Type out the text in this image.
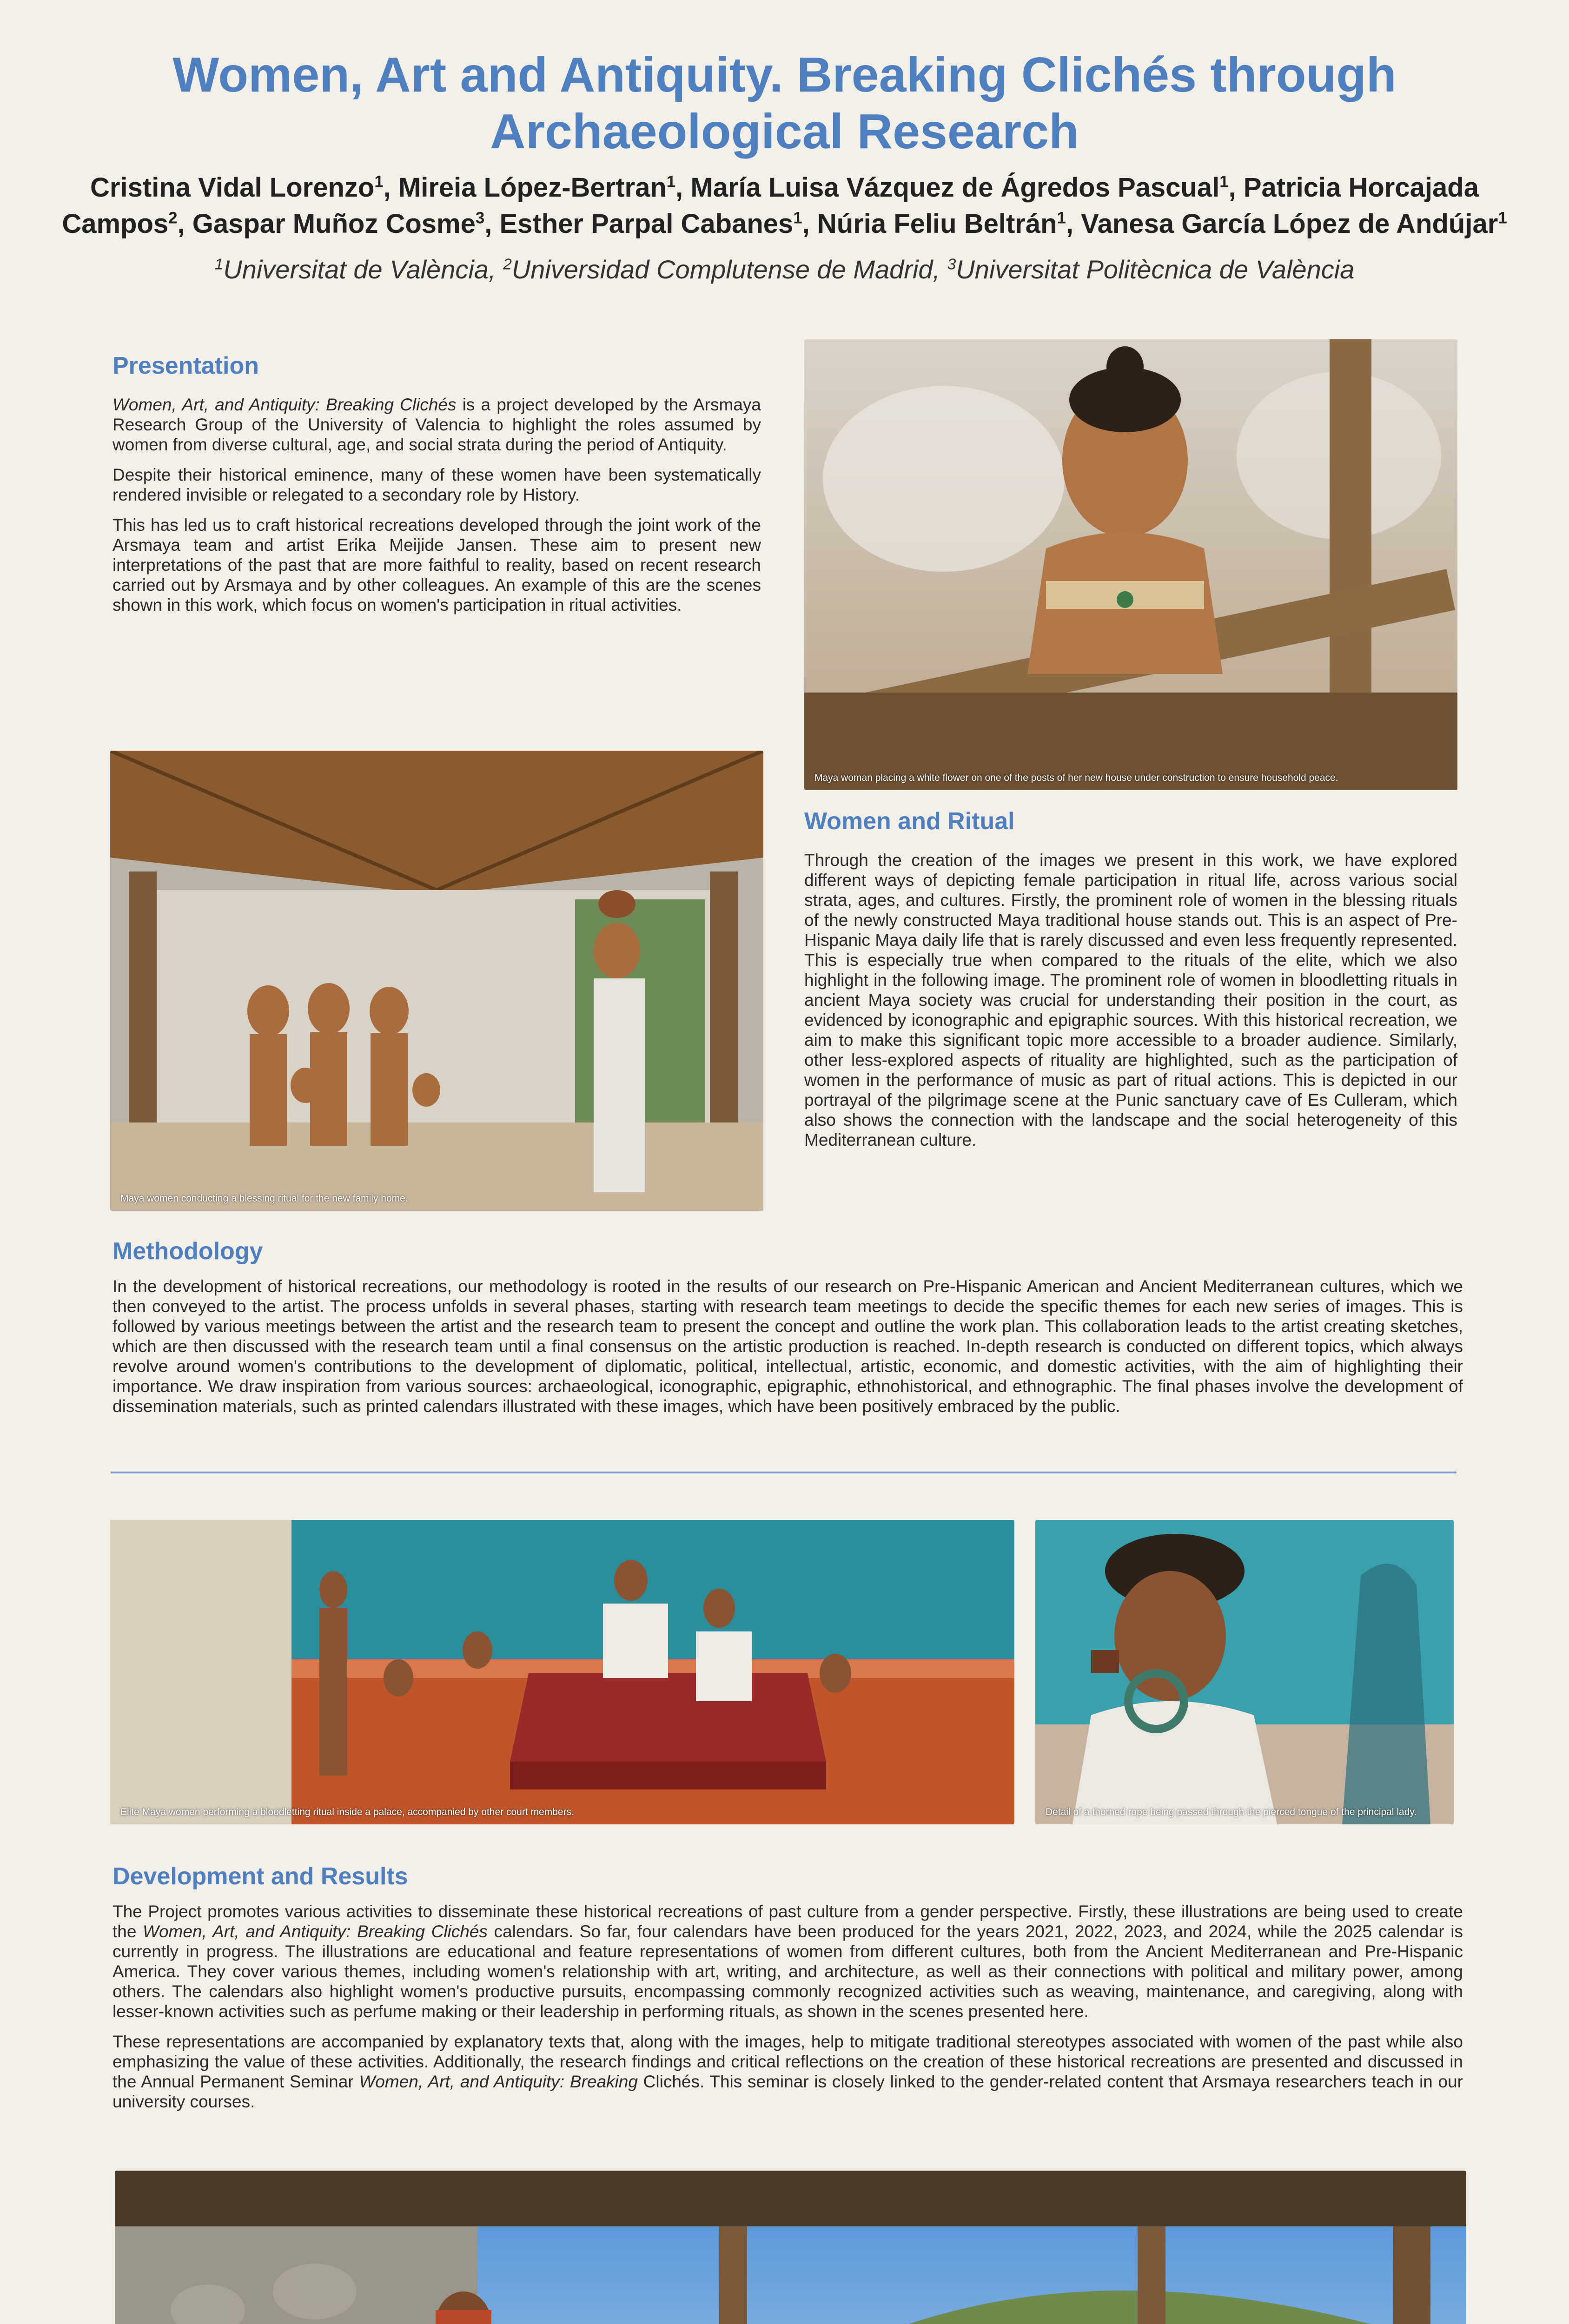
Women, Art and Antiquity. Breaking Clichés through Archaeological Research
Cristina Vidal Lorenzo$^1$, Mireia López-Bertran$^1$, María Luisa Vázquez de Ágredos Pascual$^1$, Patricia Horcajada Campos$^2$, Gaspar Muñoz Cosme$^3$, Esther Parpal Cabanes$^1$, Núria Feliu Beltrán$^1$, Vanesa García López de Andújar$^1$
$^1$Universitat de València, $^2$Universidad Complutense de Madrid, $^3$Universitat Politècnica de València
Presentation

Women, Art, and Antiquity: Breaking Clichés is a project developed by the Arsmaya Research Group of the University of Valencia to highlight the roles assumed by women from diverse cultural, age, and social strata during the period of Antiquity.

Despite their historical eminence, many of these women have been systematically rendered invisible or relegated to a secondary role by History.

This has led us to craft historical recreations developed through the joint work of the Arsmaya team and artist Erika Meijide Jansen. These aim to present new interpretations of the past that are more faithful to reality, based on recent research carried out by Arsmaya and by other colleagues. An example of this are the scenes shown in this work, which focus on women's participation in ritual activities.

Maya woman placing a white flower on one of the posts of her new house under construction to ensure household peace.
Maya women conducting a blessing ritual for the new family home.
Women and Ritual

Through the creation of the images we present in this work, we have explored different ways of depicting female participation in ritual life, across various social strata, ages, and cultures. Firstly, the prominent role of women in the blessing rituals of the newly constructed Maya traditional house stands out. This is an aspect of Pre-Hispanic Maya daily life that is rarely discussed and even less frequently represented. This is especially true when compared to the rituals of the elite, which we also highlight in the following image. The prominent role of women in bloodletting rituals in ancient Maya society was crucial for understanding their position in the court, as evidenced by iconographic and epigraphic sources. With this historical recreation, we aim to make this significant topic more accessible to a broader audience. Similarly, other less-explored aspects of rituality are highlighted, such as the participation of women in the performance of music as part of ritual actions. This is depicted in our portrayal of the pilgrimage scene at the Punic sanctuary cave of Es Culleram, which also shows the connection with the landscape and the social heterogeneity of this Mediterranean culture.

Methodology

In the development of historical recreations, our methodology is rooted in the results of our research on Pre-Hispanic American and Ancient Mediterranean cultures, which we then conveyed to the artist. The process unfolds in several phases, starting with research team meetings to decide the specific themes for each new series of images. This is followed by various meetings between the artist and the research team to present the concept and outline the work plan. This collaboration leads to the artist creating sketches, which are then discussed with the research team until a final consensus on the artistic production is reached. In-depth research is conducted on different topics, which always revolve around women's contributions to the development of diplomatic, political, intellectual, artistic, economic, and domestic activities, with the aim of highlighting their importance. We draw inspiration from various sources: archaeological, iconographic, epigraphic, ethnohistorical, and ethnographic. The final phases involve the development of dissemination materials, such as printed calendars illustrated with these images, which have been positively embraced by the public.

Elite Maya women performing a bloodletting ritual inside a palace, accompanied by other court members.	Detail of a thorned rope being passed through the pierced tongue of the principal lady.
Development and Results

The Project promotes various activities to disseminate these historical recreations of past culture from a gender perspective. Firstly, these illustrations are being used to create the Women, Art, and Antiquity: Breaking Clichés calendars. So far, four calendars have been produced for the years 2021, 2022, 2023, and 2024, while the 2025 calendar is currently in progress. The illustrations are educational and feature representations of women from different cultures, both from the Ancient Mediterranean and Pre-Hispanic America. They cover various themes, including women's relationship with art, writing, and architecture, as well as their connections with political and military power, among others. The calendars also highlight women's productive pursuits, encompassing commonly recognized activities such as weaving, maintenance, and caregiving, along with lesser-known activities such as perfume making or their leadership in performing rituals, as shown in the scenes presented here.

These representations are accompanied by explanatory texts that, along with the images, help to mitigate traditional stereotypes associated with women of the past while also emphasizing the value of these activities. Additionally, the research findings and critical reflections on the creation of these historical recreations are presented and discussed in the Annual Permanent Seminar Women, Art, and Antiquity: Breaking Clichés. This seminar is closely linked to the gender-related content that Arsmaya researchers teach in our university courses.
